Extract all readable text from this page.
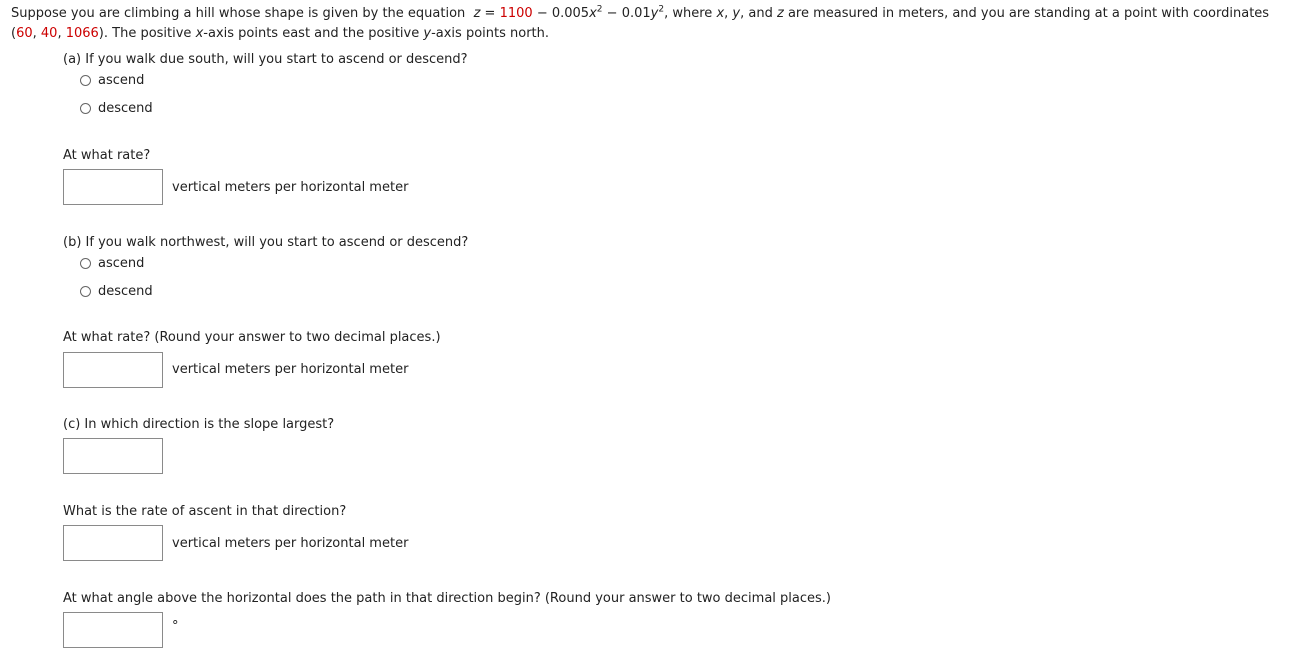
Suppose you are climbing a hill whose shape is given by the equation $z = 1100 - 0.005x^2 - 0.01y^2$, where x, y, and z are measured in meters, and you are standing at a point with coordinates
(60, 40, 1066). The positive x-axis points east and the positive y-axis points north.
(a) If you walk due south, will you start to ascend or descend?
ascend
descend
At what rate?
vertical meters per horizontal meter
(b) If you walk northwest, will you start to ascend or descend?
ascend
descend
At what rate? (Round your answer to two decimal places.)
vertical meters per horizontal meter
(c) In which direction is the slope largest?
What is the rate of ascent in that direction?
vertical meters per horizontal meter
At what angle above the horizontal does the path in that direction begin? (Round your answer to two decimal places.)
°
